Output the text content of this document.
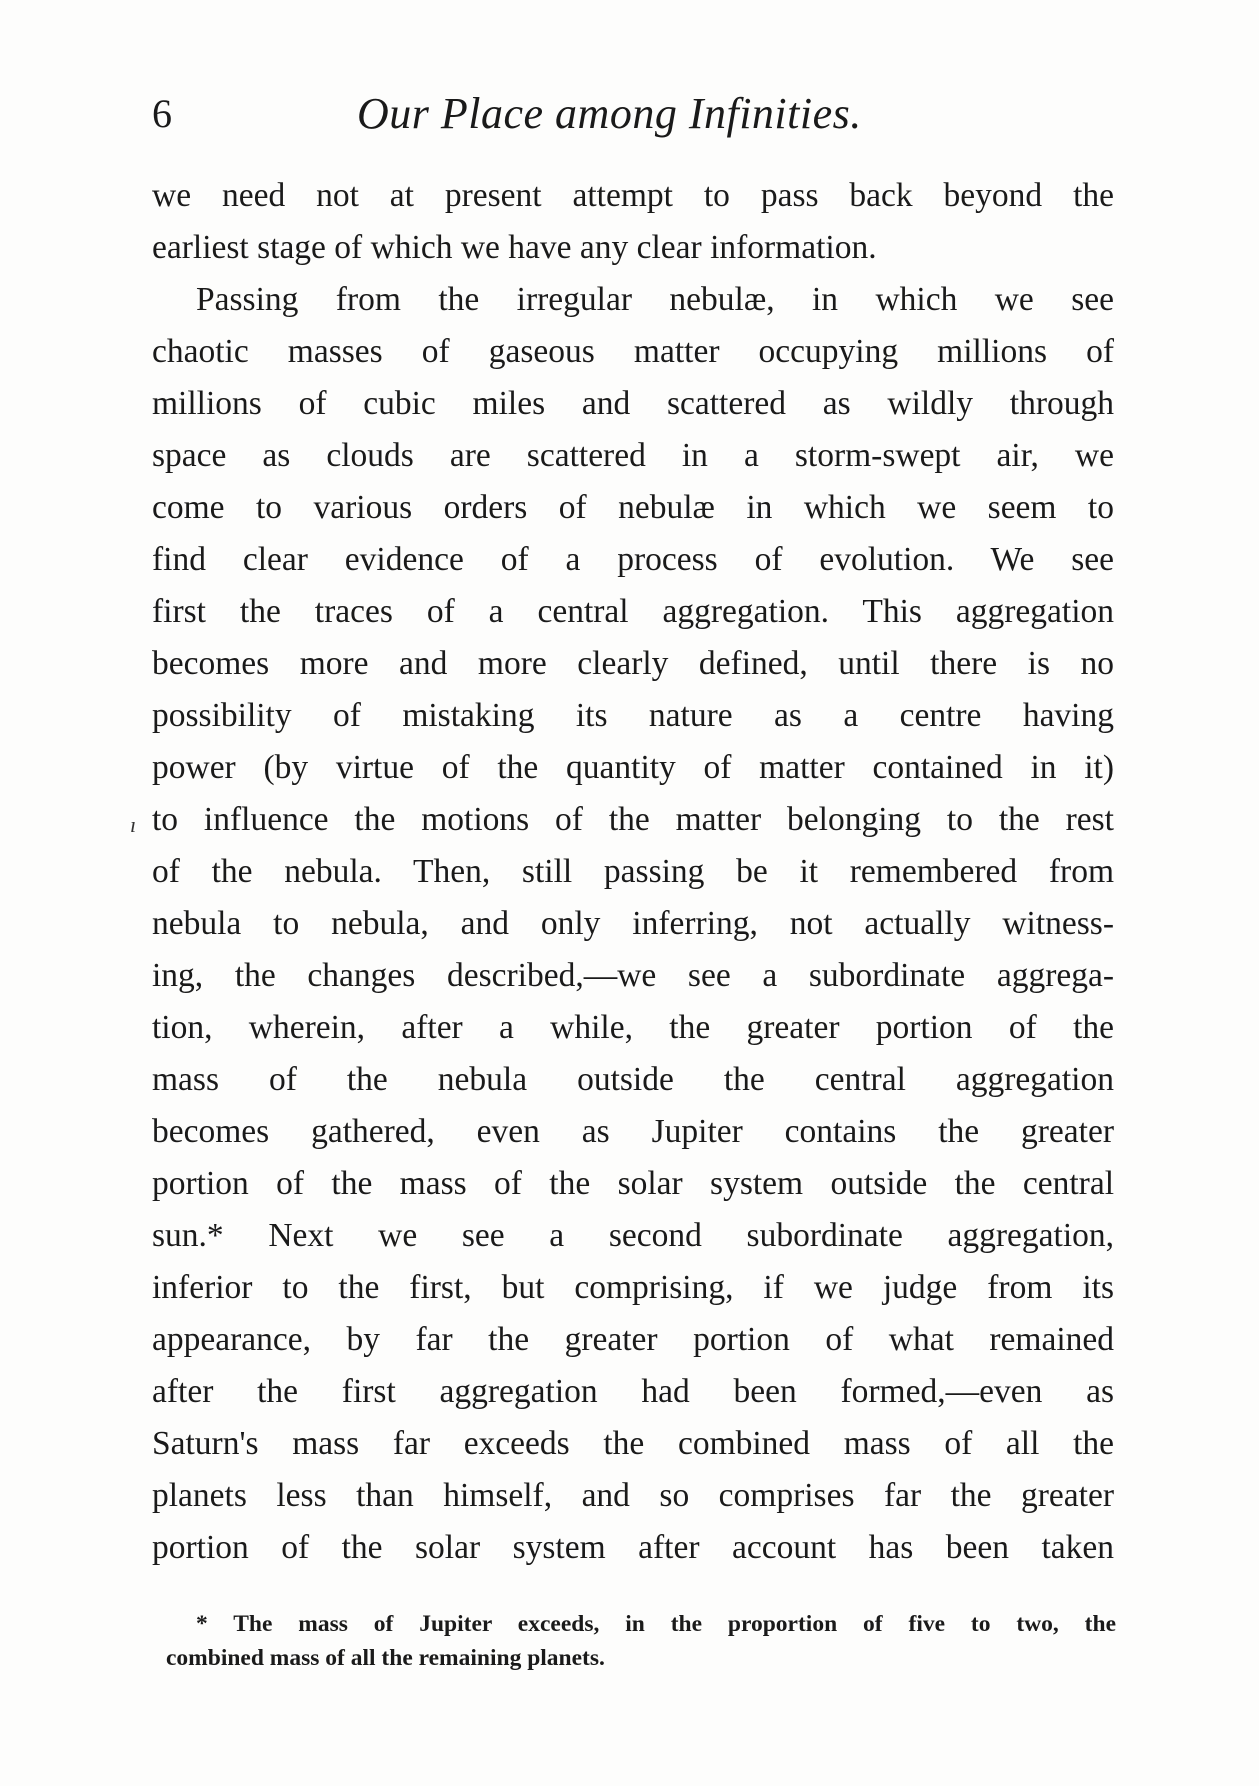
6	Our Place among Infinities.
ı
we need not at present attempt to pass back beyond the
earliest stage of which we have any clear information.
Passing from the irregular nebulæ, in which we see
chaotic masses of gaseous matter occupying millions of
millions of cubic miles and scattered as wildly through
space as clouds are scattered in a storm-swept air, we
come to various orders of nebulæ in which we seem to
find clear evidence of a process of evolution. We see
first the traces of a central aggregation. This aggregation
becomes more and more clearly defined, until there is no
possibility of mistaking its nature as a centre having
power (by virtue of the quantity of matter contained in it)
to influence the motions of the matter belonging to the rest
of the nebula. Then, still passing be it remembered from
nebula to nebula, and only inferring, not actually witness-
ing, the changes described,—we see a subordinate aggrega-
tion, wherein, after a while, the greater portion of the
mass of the nebula outside the central aggregation
becomes gathered, even as Jupiter contains the greater
portion of the mass of the solar system outside the central
sun.* Next we see a second subordinate aggregation,
inferior to the first, but comprising, if we judge from its
appearance, by far the greater portion of what remained
after the first aggregation had been formed,—even as
Saturn's mass far exceeds the combined mass of all the
planets less than himself, and so comprises far the greater
portion of the solar system after account has been taken
* The mass of Jupiter exceeds, in the proportion of five to two, the
combined mass of all the remaining planets.
